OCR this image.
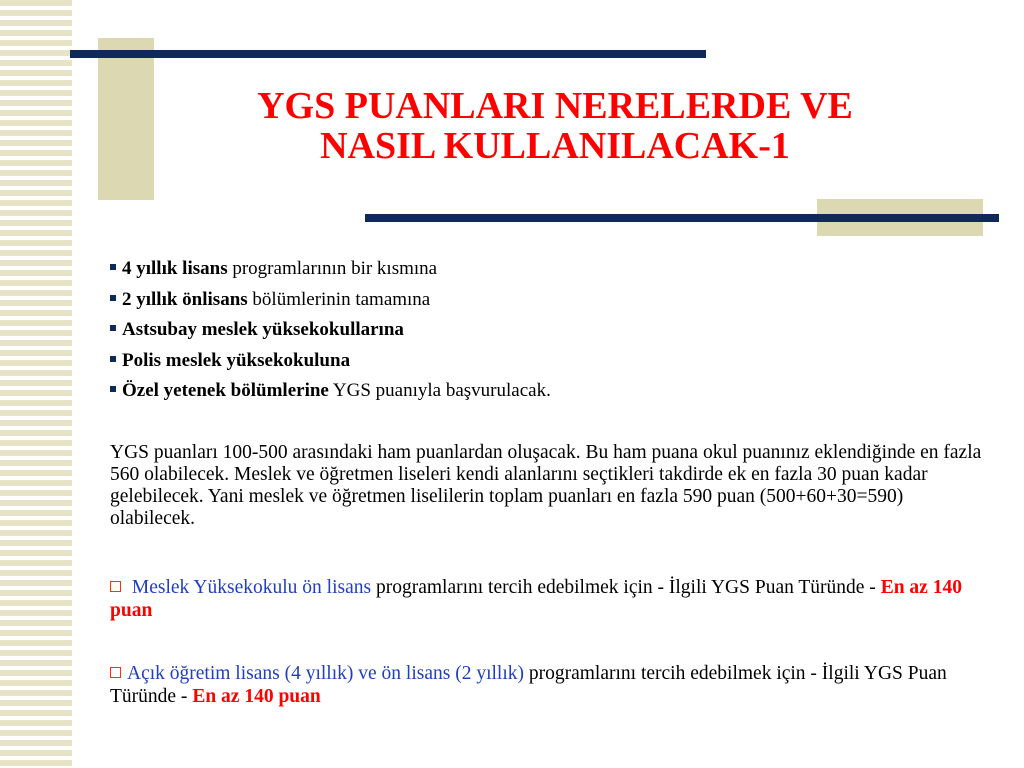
YGS PUANLARI NERELERDE VE
NASIL KULLANILACAK-1
4 yıllık lisans programlarının bir kısmına
2 yıllık önlisans bölümlerinin tamamına
Astsubay meslek yüksekokullarına
Polis meslek yüksekokuluna
Özel yetenek bölümlerine YGS puanıyla başvurulacak.
YGS puanları 100-500 arasındaki ham puanlardan oluşacak. Bu ham puana okul puanınız eklendiğinde en fazla 560 olabilecek. Meslek ve öğretmen liseleri kendi alanlarını seçtikleri takdirde ek en fazla 30 puan kadar gelebilecek. Yani meslek ve öğretmen liselilerin toplam puanları en fazla 590 puan (500+60+30=590) olabilecek.
Meslek Yüksekokulu ön lisans programlarını tercih edebilmek için - İlgili YGS Puan Türünde - En az 140 puan
Açık öğretim lisans (4 yıllık) ve ön lisans (2 yıllık) programlarını tercih edebilmek için - İlgili YGS Puan Türünde - En az 140 puan
